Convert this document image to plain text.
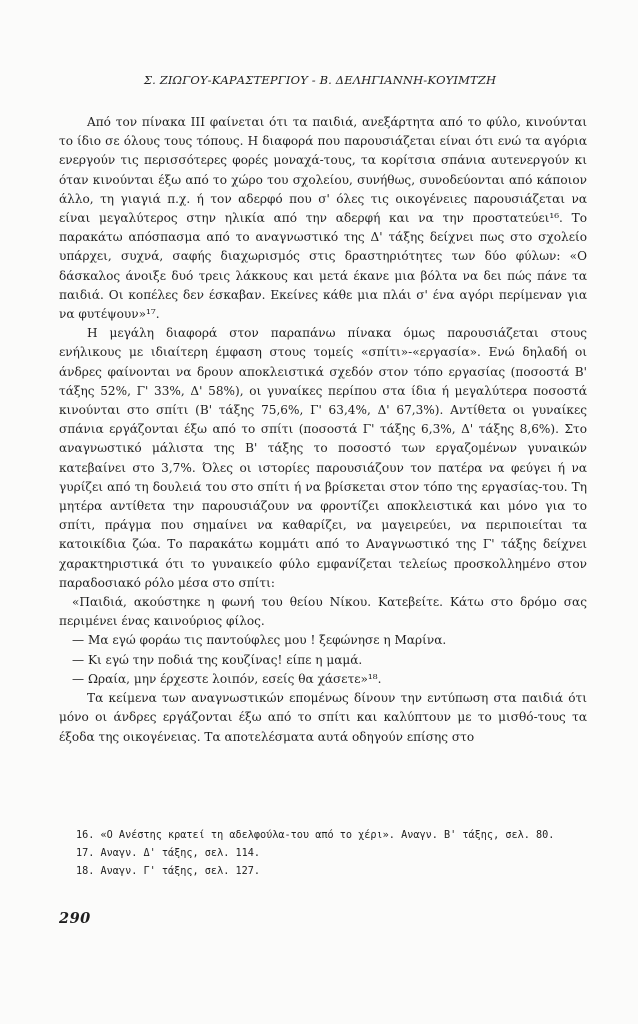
Σ. ΖΙΩΓΟΥ-ΚΑΡΑΣΤΕΡΓΙΟΥ - Β. ΔΕΛΗΓΙΑΝΝΗ-ΚΟΥΙΜΤΖΗ

Από τον πίνακα ΙΙΙ φαίνεται ότι τα παιδιά, ανεξάρτητα από το φύλο, κινούνται το ίδιο σε όλους τους τόπους. Η διαφορά που παρουσιάζεται είναι ότι ενώ τα αγόρια ενεργούν τις περισσότερες φορές μοναχά-τους, τα κορίτσια σπάνια αυτενεργούν κι όταν κινούνται έξω από το χώρο του σχολείου, συνήθως, συνοδεύονται από κάποιον άλλο, τη γιαγιά π.χ. ή τον αδερφό που σ' όλες τις οικογένειες παρουσιάζεται να είναι μεγαλύτερος στην ηλικία από την αδερφή και να την προστατεύει¹⁶. Το παρακάτω απόσπασμα από το αναγνωστικό της Δ' τάξης δείχνει πως στο σχολείο υπάρχει, συχνά, σαφής διαχωρισμός στις δραστηριότητες των δύο φύλων: «Ο δάσκαλος άνοιξε δυό τρεις λάκκους και μετά έκανε μια βόλτα να δει πώς πάνε τα παιδιά. Οι κοπέλες δεν έσκαβαν. Εκείνες κάθε μια πλάι σ' ένα αγόρι περίμεναν για να φυτέψουν»¹⁷.

Η μεγάλη διαφορά στον παραπάνω πίνακα όμως παρουσιάζεται στους ενήλικους με ιδιαίτερη έμφαση στους τομείς «σπίτι»-«εργασία». Ενώ δηλαδή οι άνδρες φαίνονται να δρουν αποκλειστικά σχεδόν στον τόπο εργασίας (ποσοστά Β' τάξης 52%, Γ' 33%, Δ' 58%), οι γυναίκες περίπου στα ίδια ή μεγαλύτερα ποσοστά κινούνται στο σπίτι (Β' τάξης 75,6%, Γ' 63,4%, Δ' 67,3%). Αντίθετα οι γυναίκες σπάνια εργάζονται έξω από το σπίτι (ποσοστά Γ' τάξης 6,3%, Δ' τάξης 8,6%). Στο αναγνωστικό μάλιστα της Β' τάξης το ποσοστό των εργαζομένων γυναικών κατεβαίνει στο 3,7%. Όλες οι ιστορίες παρουσιάζουν τον πατέρα να φεύγει ή να γυρίζει από τη δουλειά του στο σπίτι ή να βρίσκεται στον τόπο της εργασίας-του. Τη μητέρα αντίθετα την παρουσιάζουν να φροντίζει αποκλειστικά και μόνο για το σπίτι, πράγμα που σημαίνει να καθαρίζει, να μαγειρεύει, να περιποιείται τα κατοικίδια ζώα. Το παρακάτω κομμάτι από το Αναγνωστικό της Γ' τάξης δείχνει χαρακτηριστικά ότι το γυναικείο φύλο εμφανίζεται τελείως προσκολλημένο στον παραδοσιακό ρόλο μέσα στο σπίτι:

«Παιδιά, ακούστηκε η φωνή του θείου Νίκου. Κατεβείτε. Κάτω στο δρόμο σας περιμένει ένας καινούριος φίλος.

— Μα εγώ φοράω τις παντούφλες μου ! ξεφώνησε η Μαρίνα.

— Κι εγώ την ποδιά της κουζίνας! είπε η μαμά.

— Ωραία, μην έρχεστε λοιπόν, εσείς θα χάσετε»¹⁸.

Τα κείμενα των αναγνωστικών επομένως δίνουν την εντύπωση στα παιδιά ότι μόνο οι άνδρες εργάζονται έξω από το σπίτι και καλύπτουν με το μισθό-τους τα έξοδα της οικογένειας. Τα αποτελέσματα αυτά οδηγούν επίσης στο

16. «Ο Ανέστης κρατεί τη αδελφούλα-του από το χέρι». Αναγν. Β' τάξης, σελ. 80.

17. Αναγν. Δ' τάξης, σελ. 114.

18. Αναγν. Γ' τάξης, σελ. 127.

290
